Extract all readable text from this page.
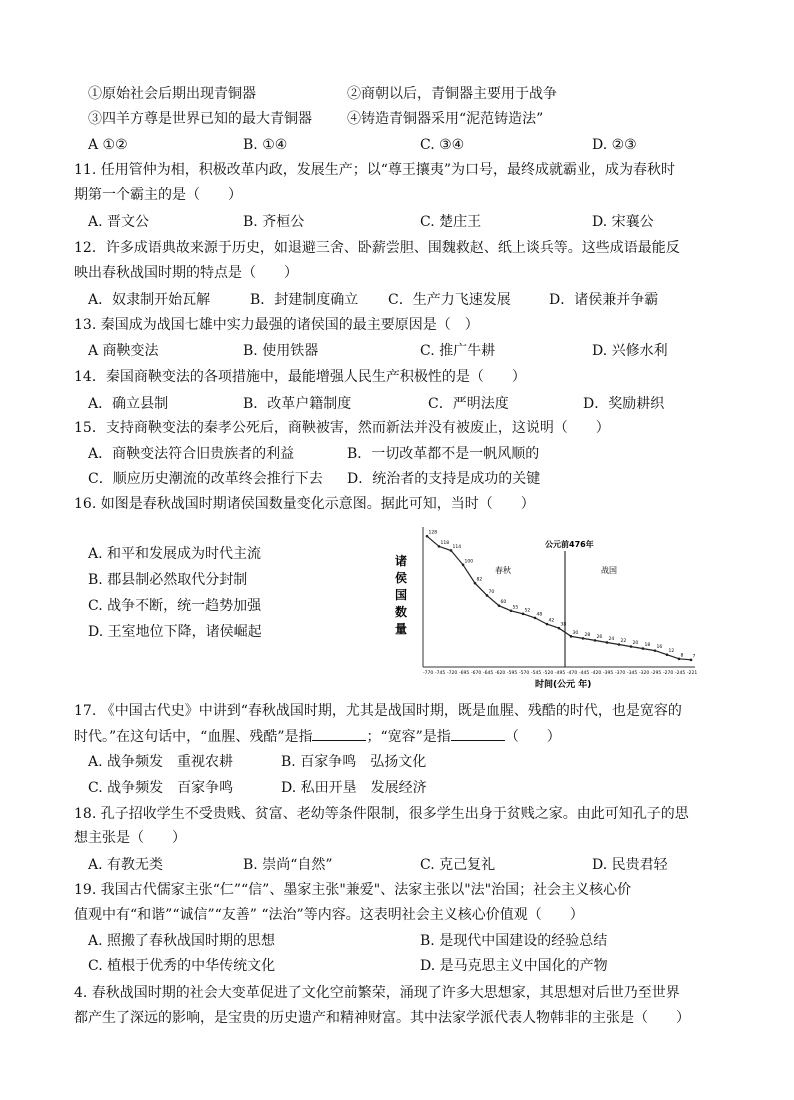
①原始社会后期出现青铜器	②商朝以后，青铜器主要用于战争
③四羊方尊是世界已知的最大青铜器	④铸造青铜器采用“泥范铸造法”
A ①②	B. ①④	C. ③④	D. ②③
11. 任用管仲为相，积极改革内政，发展生产；以“尊王攘夷”为口号，最终成就霸业，成为春秋时
期第一个霸主的是（　　）
A. 晋文公	B. 齐桓公	C. 楚庄王	D. 宋襄公
12．许多成语典故来源于历史，如退避三舍、卧薪尝胆、围魏救赵、纸上谈兵等。这些成语最能反
映出春秋战国时期的特点是（　　）
A．奴隶制开始瓦解	B．封建制度确立 C．生产力飞速发展	D．诸侯兼并争霸
13. 秦国成为战国七雄中实力最强的诸侯国的最主要原因是（　）
A 商鞅变法	B. 使用铁器	C. 推广牛耕	D. 兴修水利
14．秦国商鞅变法的各项措施中，最能增强人民生产积极性的是（　　）
A．确立县制	B．改革户籍制度	C．严明法度	D．奖励耕织
15．支持商鞅变法的秦孝公死后，商鞅被害，然而新法并没有被废止，这说明（　　）
A．商鞅变法符合旧贵族者的利益	B．一切改革都不是一帆风顺的
C．顺应历史潮流的改革终会推行下去 D．统治者的支持是成功的关键
16. 如图是春秋战国时期诸侯国数量变化示意图。据此可知，当时（　　）
A. 和平和发展成为时代主流
B. 郡县制必然取代分封制
C. 战争不断，统一趋势加强
D. 王室地位下降，诸侯崛起
诸侯国数量
公元前476年
春秋	战国
128
-770
118
-745
114
-720
100
-695
82
-670
70
-645
60
-620
55
-595
52
-570
48
-545
42
-520
38
-495
30
-470
28
-445
26
-420
24
-395
22
-370
20
-345
18
-320
16
-295
12
-270
8
-245
7
-221
时间(公元 年)
17. 《中国古代史》中讲到“春秋战国时期，尤其是战国时期，既是血腥、残酷的时代，也是宽容的
时代。”在这句话中，“血腥、残酷”是指	；“宽容”是指	（　　）
A. 战争频发　重视农耕	B. 百家争鸣　弘扬文化
C. 战争频发　百家争鸣	D. 私田开垦　发展经济
18. 孔子招收学生不受贵贱、贫富、老幼等条件限制，很多学生出身于贫贱之家。由此可知孔子的思
想主张是（　　）
A. 有教无类	B. 崇尚“自然”	C. 克己复礼	D. 民贵君轻
19. 我国古代儒家主张“仁”“信”、墨家主张"兼爱"、法家主张以"法"治国；社会主义核心价
值观中有“和谐”“诚信”“友善” “法治”等内容。这表明社会主义核心价值观（　　）
A. 照搬了春秋战国时期的思想	B. 是现代中国建设的经验总结
C. 植根于优秀的中华传统文化	D. 是马克思主义中国化的产物
4. 春秋战国时期的社会大变革促进了文化空前繁荣，涌现了许多大思想家，其思想对后世乃至世界
都产生了深远的影响，是宝贵的历史遗产和精神财富。其中法家学派代表人物韩非的主张是（　　）
